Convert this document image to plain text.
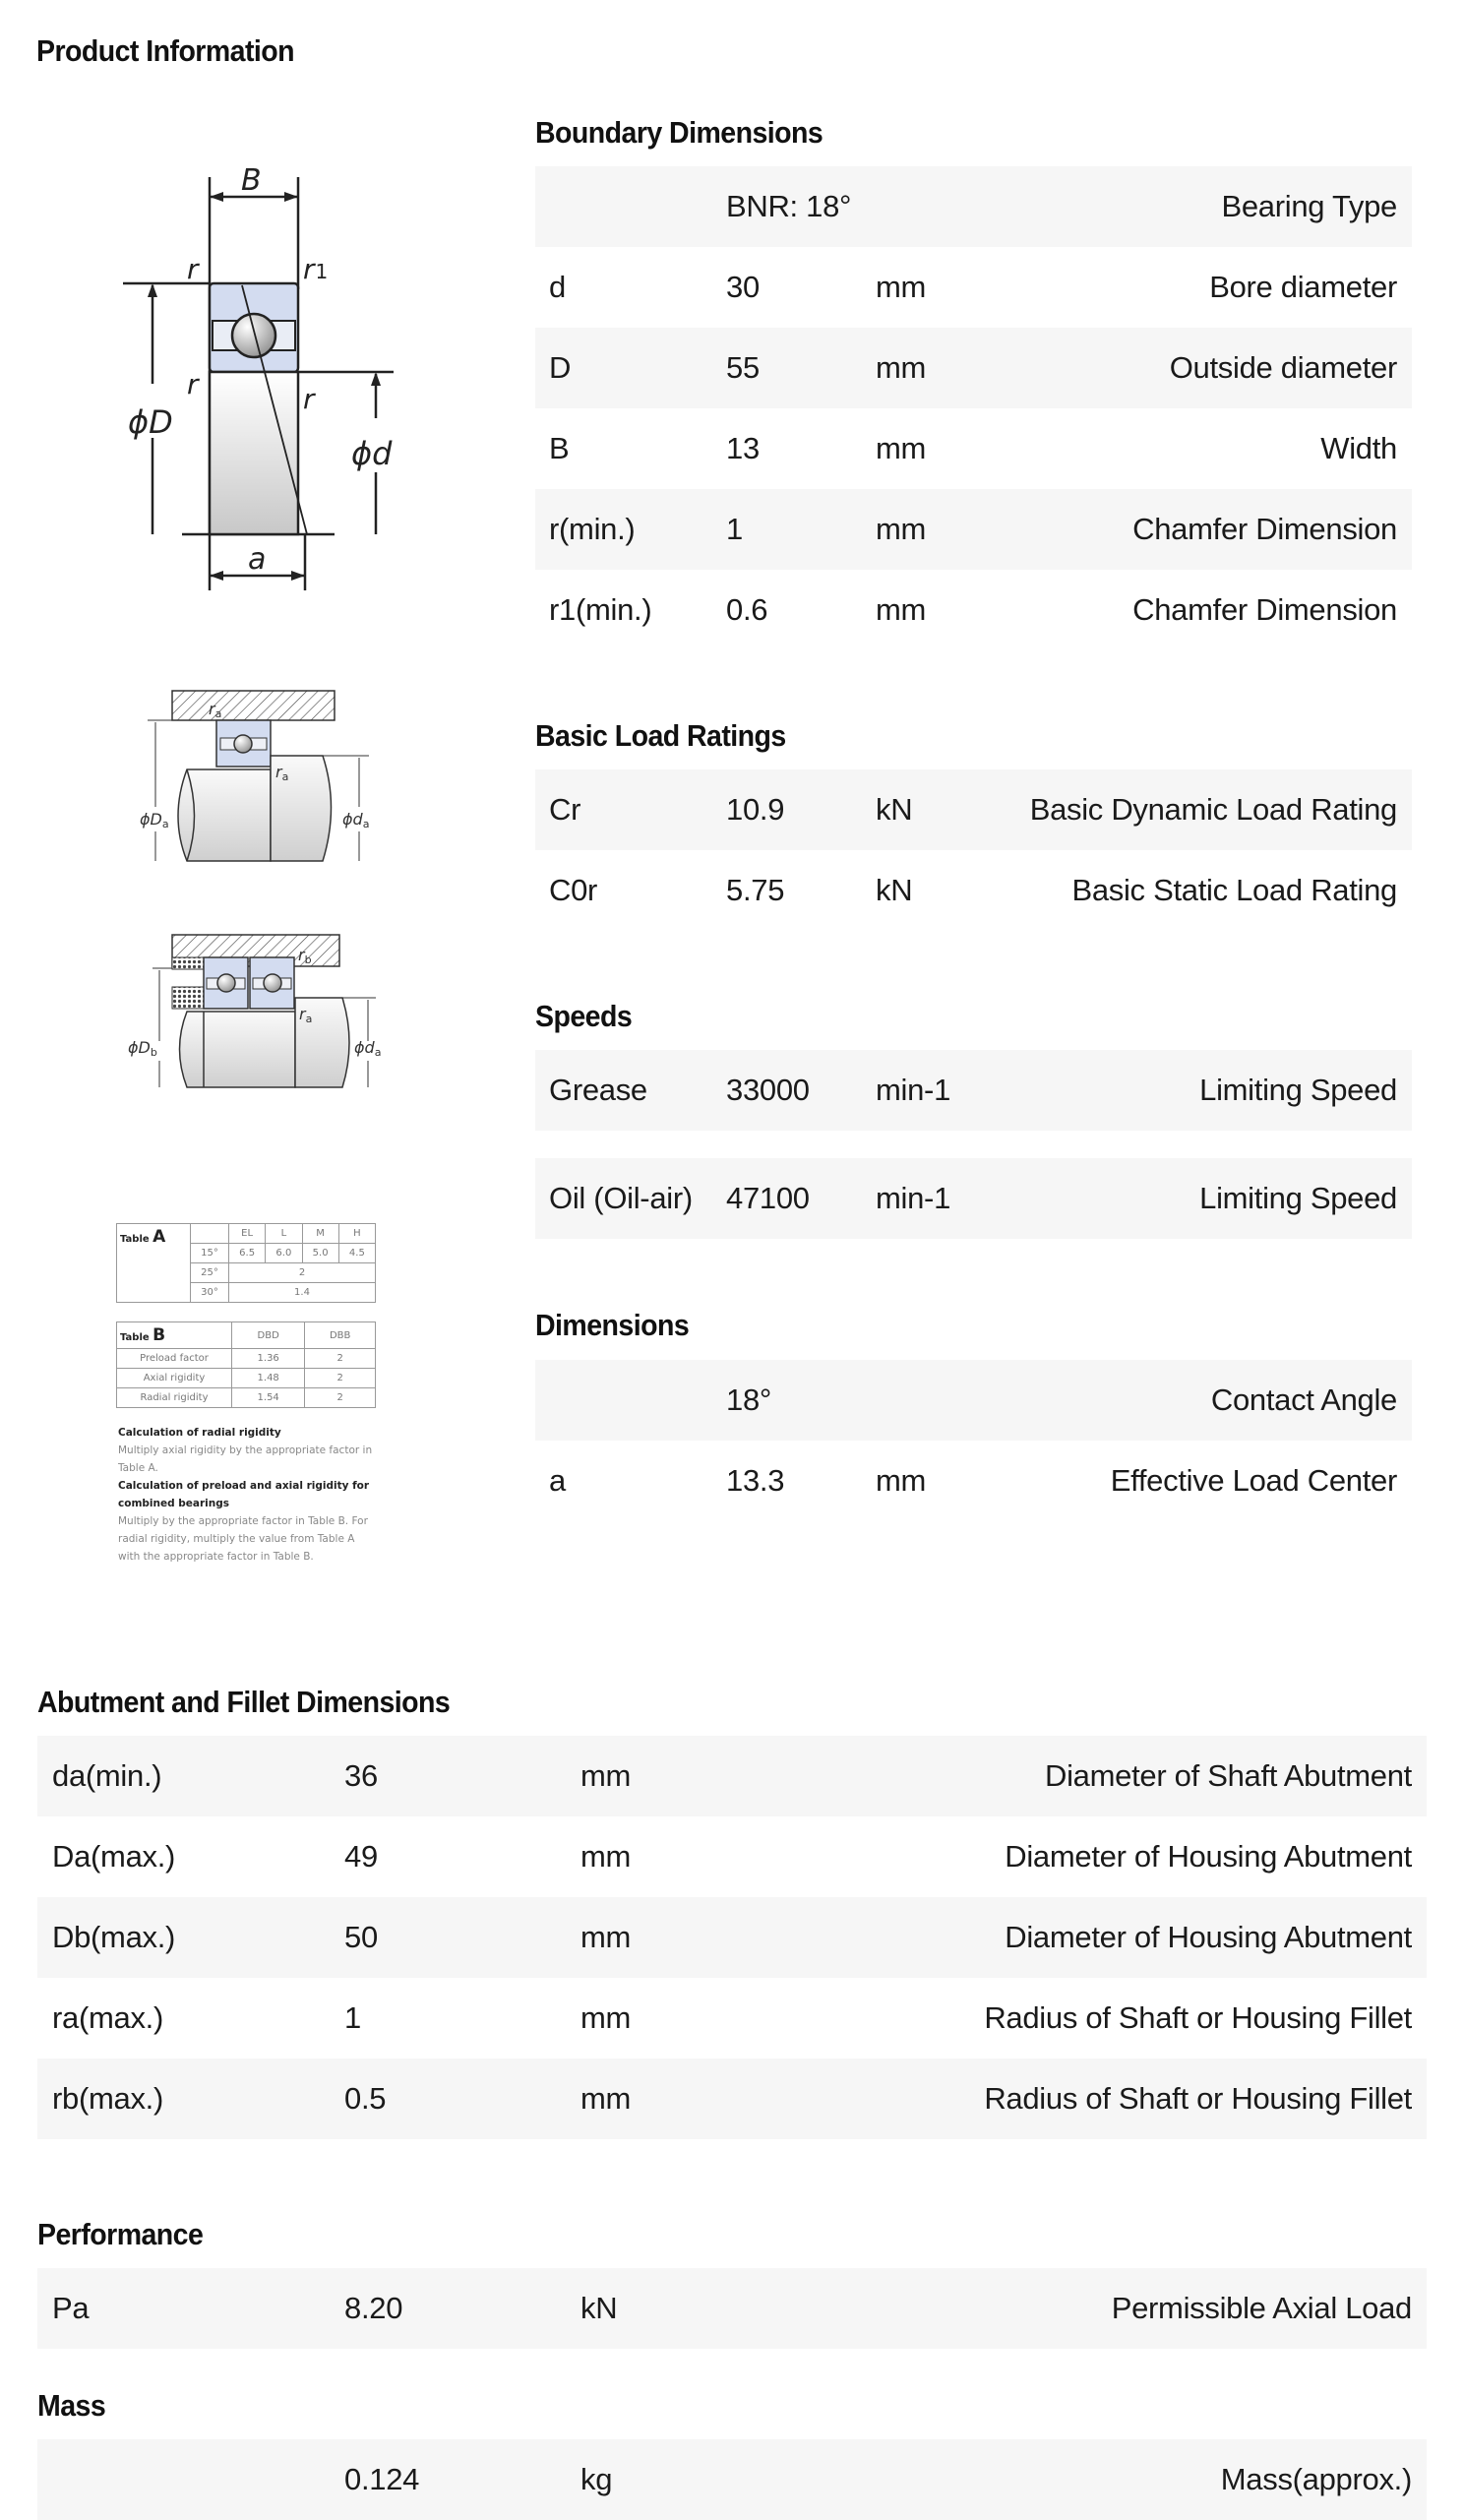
Product Information
B
r	r1
r	r
ϕD
ϕd
a
ra
ra
ϕDa	ϕda
rb
ra
ϕDb	ϕda
Table A		EL	L	M	H
	15°	6.5	6.0	5.0	4.5
	25°	2			
	30°	1.4			
Table B	DBD	DBB
Preload factor	1.36	2
Axial rigidity	1.48	2
Radial rigidity	1.54	2
Calculation of radial rigidity
Multiply axial rigidity by the appropriate factor in Table A.
Calculation of preload and axial rigidity for combined bearings
Multiply by the appropriate factor in Table B. For radial rigidity, multiply the value from Table A with the appropriate factor in Table B.
Boundary Dimensions
	BNR: 18°		Bearing Type
d	30	mm	Bore diameter
D	55	mm	Outside diameter
B	13	mm	Width
r(min.)	1	mm	Chamfer Dimension
r1(min.)	0.6	mm	Chamfer Dimension
Basic Load Ratings
Cr	10.9	kN	Basic Dynamic Load Rating
C0r	5.75	kN	Basic Static Load Rating
Speeds
Grease	33000	min-1	Limiting Speed

Oil (Oil-air)	47100	min-1	Limiting Speed
Dimensions
	18°		Contact Angle
a	13.3	mm	Effective Load Center
Abutment and Fillet Dimensions
da(min.)	36	mm	Diameter of Shaft Abutment
Da(max.)	49	mm	Diameter of Housing Abutment
Db(max.)	50	mm	Diameter of Housing Abutment
ra(max.)	1	mm	Radius of Shaft or Housing Fillet
rb(max.)	0.5	mm	Radius of Shaft or Housing Fillet
Performance
Pa	8.20	kN	Permissible Axial Load
Mass
	0.124	kg	Mass(approx.)
